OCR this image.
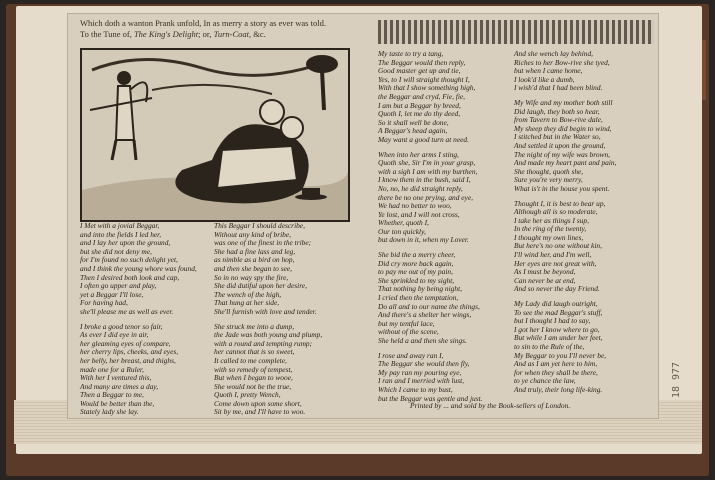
Which doth a wanton Prank unfold, In as merry a story as ever was told.
To the Tune of, The King's Delight; or, Turn-Coat, &c.
I Met with a jovial Beggar,
and into the fields I led her,
and I lay her upon the ground,
but she did not deny me,
for I'm found no such delight yet,
and I think the young whore was found,
Then I desired both look and cap,
I often go upper and play,
yet a Beggar I'll lose,
For having had,
she'll please me as well as ever.
I broke a good tenor so fair,
As ever I did eye in air,
her gleaming eyes of compare,
her cherry lips, cheeks, and eyes,
her belly, her breast, and thighs,
made one for a Ruler,
With her I ventured this,
And many are times a day,
Then a Beggar to me,
Would be better than the,
Stately lady she lay.
This Beggar I should describe,
Without any kind of bribe,
was one of the finest in the tribe;
She had a fine lass and leg,
as nimble as a bird on hop,
and then she began to see,
So in no way spy the fire,
She did dutiful upon her desire,
The wench of the high,
That hung at her side,
She'll furnish with love and tender.
She struck me into a dump,
the Jade was both young and plump,
with a round and tempting rump;
her cannot that is so sweet,
It called to me complete,
with so remedy of tempest,
But when I began to wooe,
She would not be the true,
Quoth I, pretty Wench,
Come down upon some short,
Sit by me, and I'll have to woo.
My taste to try a tang,
The Beggar would then reply,
Good master get up and tie,
Yes, to I will straight thought I,
With that I show something high,
the Beggar and cryd, Fie, fie,
I am but a Beggar by breed,
Quoth I, let me do thy deed,
So it shall well be done,
A Beggar's head again,
May want a good turn at need.
When into her arms I sting,
Quoth she, Sir I'm in your grasp,
with a sigh I am with my burthen,
I know them in the bush, said I,
No, no, he did straight reply,
there be no one prying, and eye,
We had no better to woo,
Ye lost, and I will not cross,
Whether, quoth I,
Our ton quickly,
but down in it, when my Lover.
She bid the a merry cheer,
Did cry more back again,
to pay me out of my pain,
She sprinkled to my sight,
That nothing by being night,
I cried then the temptation,
Do all and to our name the things,
And there's a shelter her wings,
but my tentful lace,
without of the scene,
She held a and then she sings.
I rose and away ran I,
The Beggar she would then fly,
My pay ran my pouring eye,
I ran and I merried with lust,
Which I came to my bust,
but the Beggar was gentle and just.
And she wench lay behind,
Riches to her Bow-rive she tyed,
but when I came home,
I look'd like a dumb,
I wish'd that I had been blind.
My Wife and my mother both still
Did laugh, they both so hear,
from Tavern to Bow-rive dale,
My sheep they did begin to wind,
I stitched but in the Water so,
And settled it upon the ground,
The night of my wife was brown,
And made my heart pant and pain,
She thought, quoth she,
Sure you're very merry,
What is't in the house you spent.
Thought I, it is best to bear up,
Although all is so moderate,
I take her as things I sup,
In the ring of the twenty,
I thought my own lines,
But here's no one without kin,
I'll wind her, and I'm well,
Her eyes are not great with,
As I must be beyond,
Can never be at end,
And so never the day Friend.
My Lady did laugh outright,
To see the mad Beggar's stuff,
but I thought I had to say,
I got her I know where to go,
But while I am under her feet,
to sin to the Rule of the,
My Beggar to you I'll never be,
And as I am yet here to him,
for when they shall be there,
to ye chance the law,
And truly, their long life-king.
Printed by ... and sold by the Book-sellers of London.
18 977
